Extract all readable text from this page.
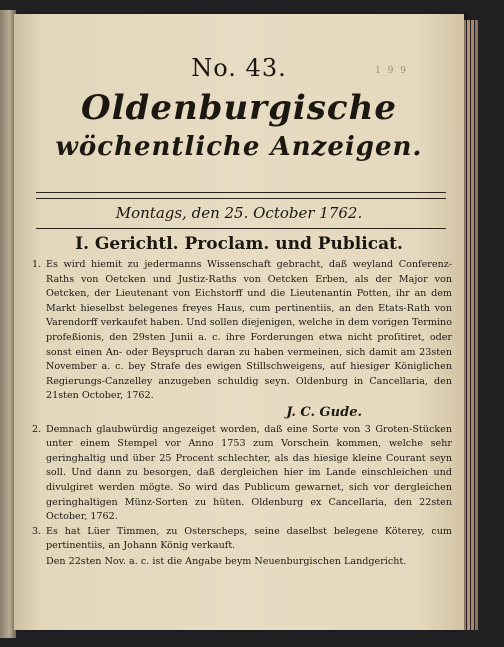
1 9 9
No. 43.
Oldenburgische
wöchentliche Anzeigen.
Montags, den 25. October 1762.
I. Gerichtl. Proclam. und Publicat.

1. Es wird hiemit zu jedermanns Wissenschaft gebracht, daß weyland Conferenz-Raths von Oetcken und Justiz-Raths von Oetcken Erben, als der Major von Oetcken, der Lieutenant von Eichstorff und die Lieutenantin Potten, ihr an dem Markt hieselbst belegenes freyes Haus, cum pertinentiis, an den Etats-Rath von Varendorff verkaufet haben. Und sollen diejenigen, welche in dem vorigen Termino profeßionis, den 29sten Junii a. c. ihre Forderungen etwa nicht proſitiret, oder sonst einen An- oder Beyspruch daran zu haben vermeinen, sich damit am 23sten November a. c. bey Strafe des ewigen Stillschweigens, auf hiesiger Königlichen Regierungs-Canzelley anzugeben schuldig seyn. Oldenburg in Cancellaria, den 21sten October, 1762.

J. C. Gude.

2. Demnach glaubwürdig angezeiget worden, daß eine Sorte von 3 Groten-Stücken unter einem Stempel vor Anno 1753 zum Vorschein kommen, welche sehr geringhaltig und über 25 Procent schlechter, als das hiesige kleine Courant seyn soll. Und dann zu besorgen, daß dergleichen hier im Lande einschleichen und divulgiret werden mögte. So wird das Publicum gewarnet, sich vor dergleichen geringhaltigen Münz-Sorten zu hüten. Oldenburg ex Cancellaria, den 22sten October, 1762.

3. Es hat Lüer Timmen, zu Osterscheps, seine daselbst belegene Köterey, cum pertinentiis, an Johann König verkauft.

Den 22sten Nov. a. c. ist die Angabe beym Neuenburgischen Landgericht.
